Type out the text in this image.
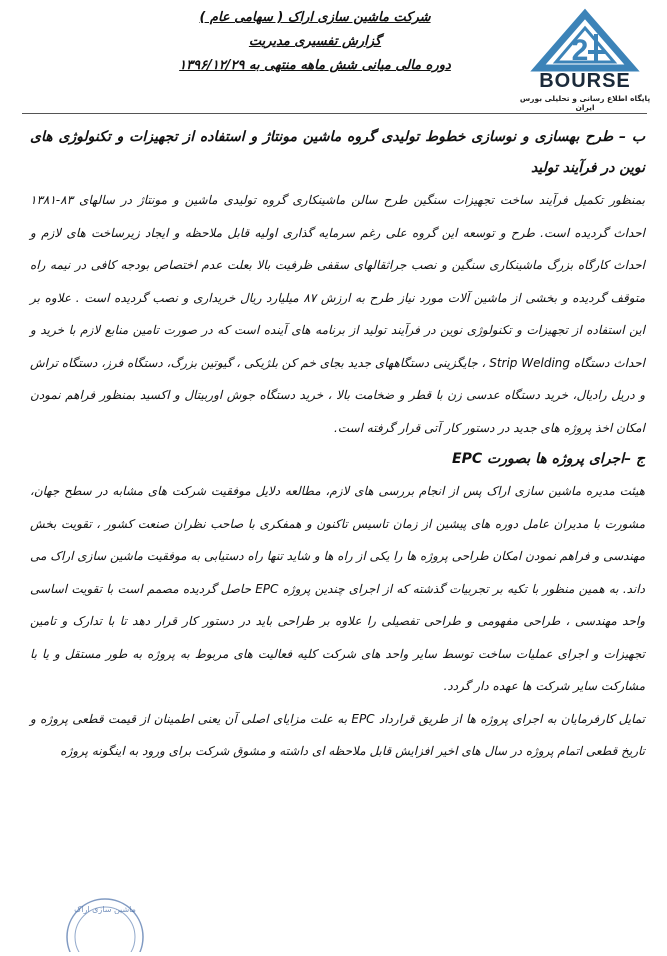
شرکت ماشین سازی اراک ( سهامی عام )
گزارش تفسیری مدیریت
دوره مالی میانی شش ماهه منتهی به ۱۳۹۶/۱۲/۲۹	2
BOURSE
پایگاه اطلاع رسانی و تحلیلی بورس ایران
ب – طرح بهسازی و نوسازی خطوط تولیدی گروه ماشین مونتاژ و استفاده از تجهیزات و تکنولوژی های نوین در فرآیند تولید
بمنظور تکمیل فرآیند ساخت تجهیزات سنگین طرح سالن ماشینکاری گروه تولیدی ماشین و مونتاژ در سالهای ۸۳-۱۳۸۱ احداث گردیده است. طرح و توسعه این گروه علی رغم سرمایه گذاری اولیه قابل ملاحظه و ایجاد زیرساخت های لازم و احداث کارگاه بزرگ ماشینکاری سنگین و نصب جراثقالهای سقفی ظرفیت بالا بعلت عدم اختصاص بودجه کافی در نیمه راه متوقف گردیده و بخشی از ماشین آلات مورد نیاز طرح به ارزش ۸۷ میلیارد ریال خریداری و نصب گردیده است . علاوه بر این استفاده از تجهیزات و تکنولوژی نوین در فرآیند تولید از برنامه های آینده است که در صورت تامین منابع لازم با خرید و احداث دستگاه Strip Welding ، جایگزینی دستگاههای جدید بجای خم کن بلژیکی ، گیوتین بزرگ، دستگاه فرز، دستگاه تراش و دریل رادیال، خرید دستگاه عدسی زن با قطر و ضخامت بالا ، خرید دستگاه جوش اوربیتال و اکسید بمنظور فراهم نمودن امکان اخذ پروژه های جدید در دستور کار آتی قرار گرفته است.
ج –اجرای پروژه ها بصورت EPC
هیئت مدیره ماشین سازی اراک پس از انجام بررسی های لازم، مطالعه دلایل موفقیت شرکت های مشابه در سطح جهان، مشورت با مدیران عامل دوره های پیشین از زمان تاسیس تاکنون و همفکری با صاحب نظران صنعت کشور ، تقویت بخش مهندسی و فراهم نمودن امکان طراحی پروژه ها را یکی از راه ها و شاید تنها راه دستیابی به موفقیت ماشین سازی اراک می داند. به همین منظور با تکیه بر تجربیات گذشته که از اجرای چندین پروژه EPC حاصل گردیده مصمم است با تقویت اساسی واحد مهندسی ، طراحی مفهومی و طراحی تفصیلی را علاوه بر طراحی باید در دستور کار قرار دهد تا با تدارک و تامین تجهیزات و اجرای عملیات ساخت توسط سایر واحد های شرکت کلیه فعالیت های مربوط به پروژه به طور مستقل و یا با مشارکت سایر شرکت ها عهده دار گردد.
تمایل کارفرمایان به اجرای پروژه ها از طریق قرارداد EPC به علت مزایای اصلی آن یعنی اطمینان از قیمت قطعی پروژه و تاریخ قطعی اتمام پروژه در سال های اخیر افزایش قابل ملاحظه ای داشته و مشوق شرکت برای ورود به اینگونه پروژه
ماشین سازی اراک
